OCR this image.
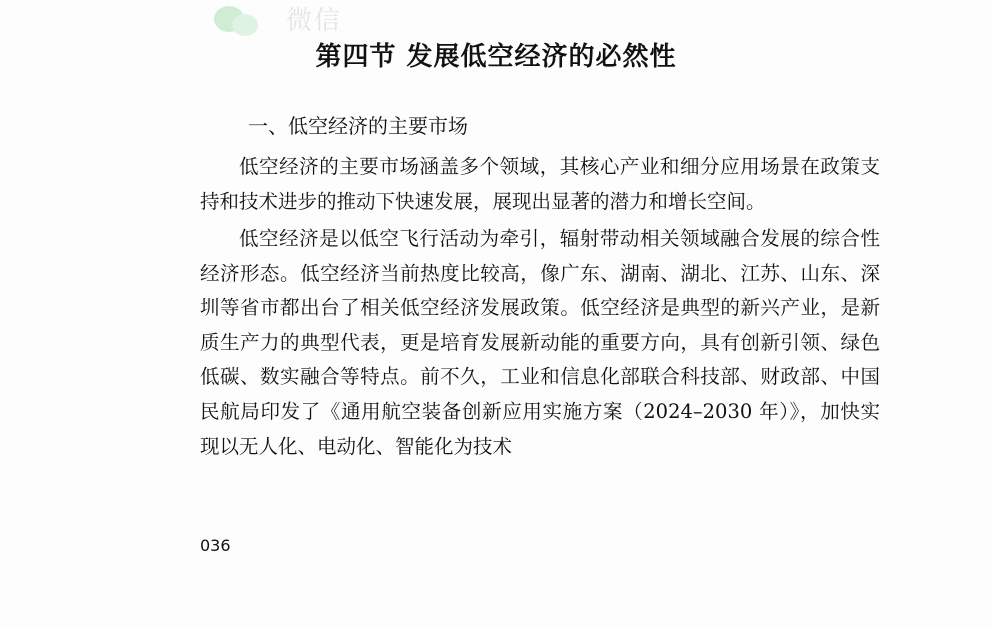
微信
第四节 发展低空经济的必然性
一、低空经济的主要市场

低空经济的主要市场涵盖多个领域，其核心产业和细分应用场景在政策支持和技术进步的推动下快速发展，展现出显著的潜力和增长空间。

低空经济是以低空飞行活动为牵引，辐射带动相关领域融合发展的综合性经济形态。低空经济当前热度比较高，像广东、湖南、湖北、江苏、山东、深圳等省市都出台了相关低空经济发展政策。低空经济是典型的新兴产业，是新质生产力的典型代表，更是培育发展新动能的重要方向，具有创新引领、绿色低碳、数实融合等特点。前不久，工业和信息化部联合科技部、财政部、中国民航局印发了《通用航空装备创新应用实施方案（2024–2030 年）》，加快实现以无人化、电动化、智能化为技术

036
